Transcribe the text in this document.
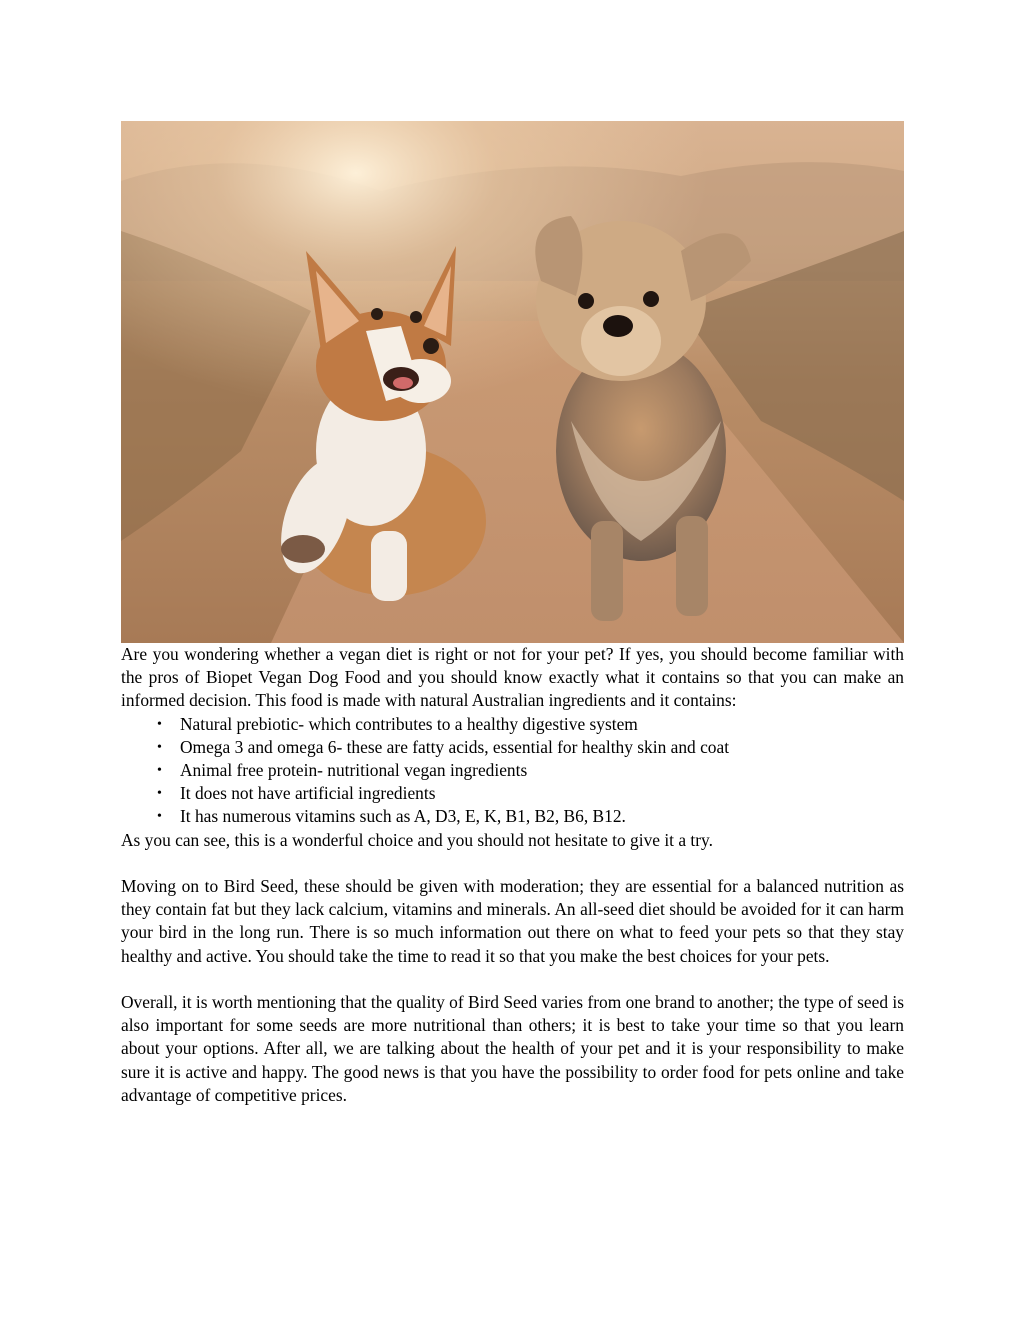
Are you wondering whether a vegan diet is right or not for your pet? If yes, you should become familiar with the pros of Biopet Vegan Dog Food and you should know exactly what it contains so that you can make an informed decision. This food is made with natural Australian ingredients and it contains:

• Natural prebiotic- which contributes to a healthy digestive system
• Omega 3 and omega 6- these are fatty acids, essential for healthy skin and coat
• Animal free protein- nutritional vegan ingredients
• It does not have artificial ingredients
• It has numerous vitamins such as A, D3, E, K, B1, B2, B6, B12.

As you can see, this is a wonderful choice and you should not hesitate to give it a try.

Moving on to Bird Seed, these should be given with moderation; they are essential for a balanced nutrition as they contain fat but they lack calcium, vitamins and minerals. An all-seed diet should be avoided for it can harm your bird in the long run. There is so much information out there on what to feed your pets so that they stay healthy and active. You should take the time to read it so that you make the best choices for your pets.

Overall, it is worth mentioning that the quality of Bird Seed varies from one brand to another; the type of seed is also important for some seeds are more nutritional than others; it is best to take your time so that you learn about your options. After all, we are talking about the health of your pet and it is your responsibility to make sure it is active and happy. The good news is that you have the possibility to order food for pets online and take advantage of competitive prices.
